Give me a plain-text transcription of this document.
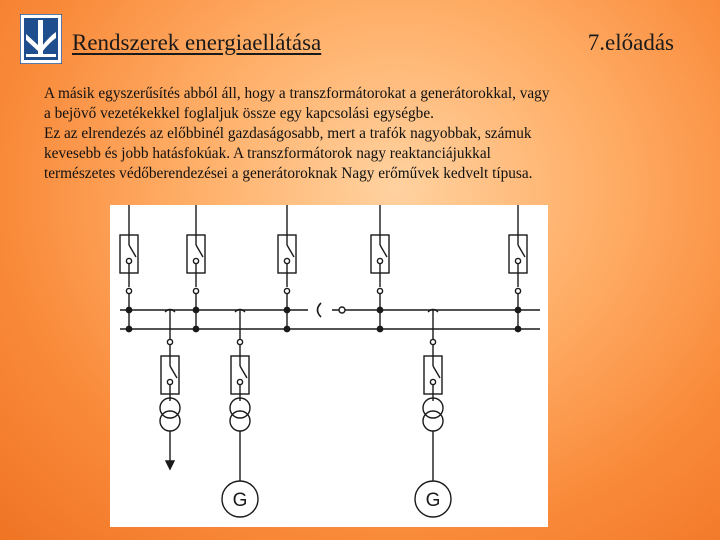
Rendszerek energiaellátása	7.előadás

A másik egyszerűsítés abból áll, hogy a transzformátorokat a generátorokkal, vagy
a bejövő vezetékekkel foglaljuk össze egy kapcsolási egységbe.
Ez az elrendezés az előbbinél gazdaságosabb, mert a trafók nagyobbak, számuk
kevesebb és jobb hatásfokúak. A transzformátorok nagy reaktanciájukkal
természetes védőberendezései a generátoroknak Nagy erőművek kedvelt típusa.

G	G
